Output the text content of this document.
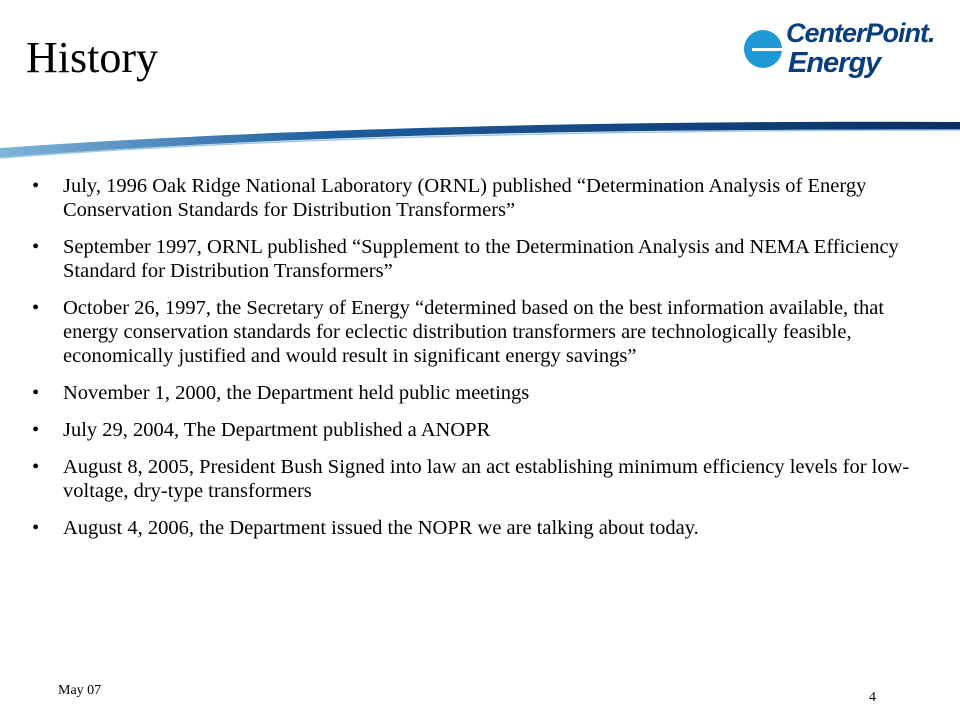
History	CenterPoint.
Energy
• July, 1996 Oak Ridge National Laboratory (ORNL) published “Determination Analysis of Energy Conservation Standards for Distribution Transformers”
• September 1997, ORNL published “Supplement to the Determination Analysis and NEMA Efficiency Standard for Distribution Transformers”
• October 26, 1997, the Secretary of Energy “determined based on the best information available, that energy conservation standards for eclectic distribution transformers are technologically feasible, economically justified and would result in significant energy savings”
• November 1, 2000, the Department held public meetings
• July 29, 2004, The Department published a ANOPR
• August 8, 2005, President Bush Signed into law an act establishing minimum efficiency levels for low-voltage, dry-type transformers
• August 4, 2006, the Department issued the NOPR we are talking about today.
May 07	4
